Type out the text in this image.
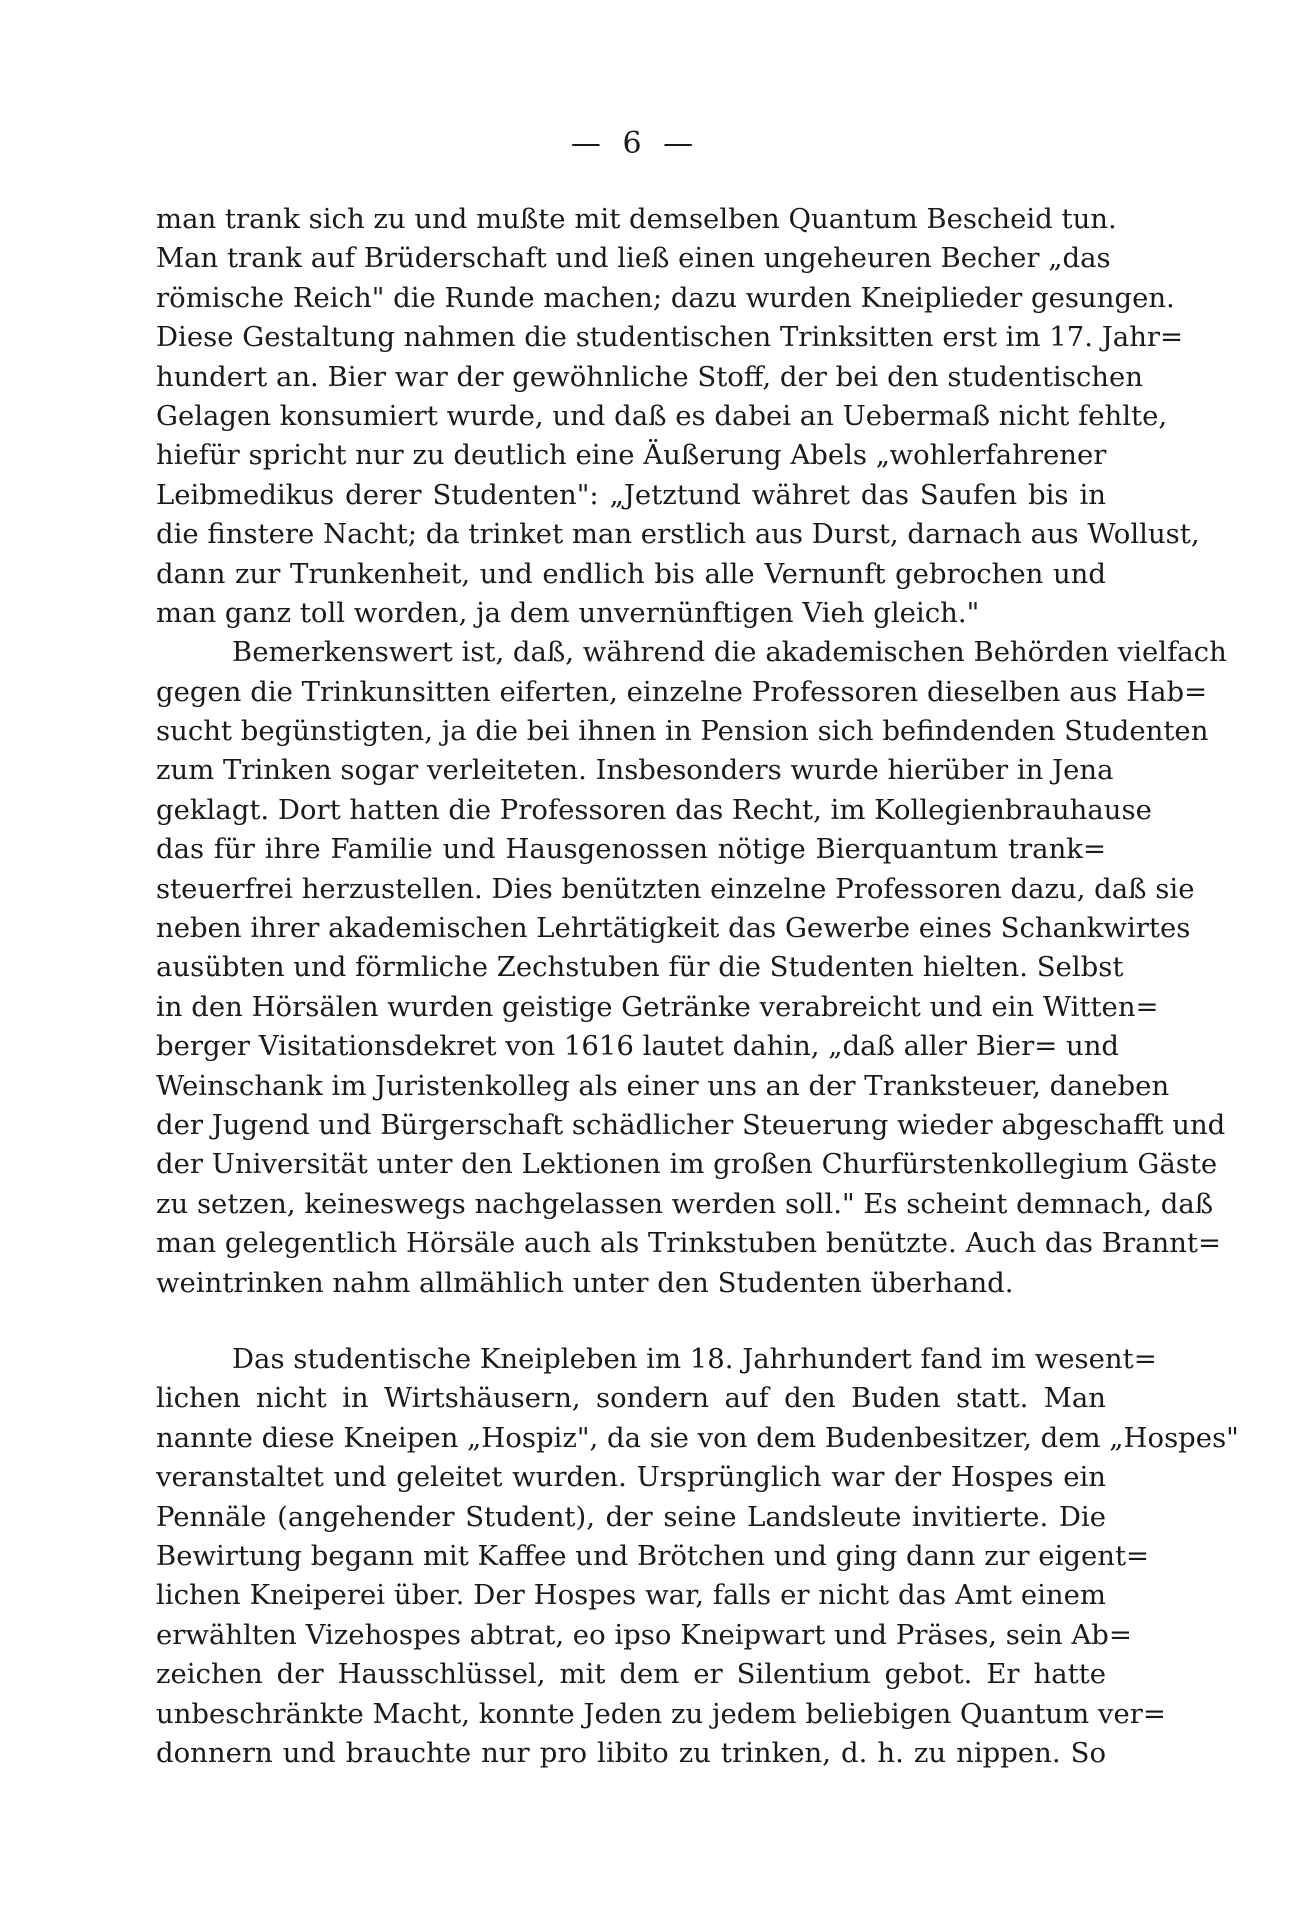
— 6 —
man trank sich zu und mußte mit demselben Quantum Bescheid tun.
Man trank auf Brüderschaft und ließ einen ungeheuren Becher „das
römische Reich" die Runde machen; dazu wurden Kneiplieder gesungen.
Diese Gestaltung nahmen die studentischen Trinksitten erst im 17. Jahr=
hundert an. Bier war der gewöhnliche Stoff, der bei den studentischen
Gelagen konsumiert wurde, und daß es dabei an Uebermaß nicht fehlte,
hiefür spricht nur zu deutlich eine Äußerung Abels „wohlerfahrener
Leibmedikus derer Studenten": „Jetztund währet das Saufen bis in
die finstere Nacht; da trinket man erstlich aus Durst, darnach aus Wollust,
dann zur Trunkenheit, und endlich bis alle Vernunft gebrochen und
man ganz toll worden, ja dem unvernünftigen Vieh gleich."
Bemerkenswert ist, daß, während die akademischen Behörden vielfach
gegen die Trinkunsitten eiferten, einzelne Professoren dieselben aus Hab=
sucht begünstigten, ja die bei ihnen in Pension sich befindenden Studenten
zum Trinken sogar verleiteten. Insbesonders wurde hierüber in Jena
geklagt. Dort hatten die Professoren das Recht, im Kollegienbrauhause
das für ihre Familie und Hausgenossen nötige Bierquantum trank=
steuerfrei herzustellen. Dies benützten einzelne Professoren dazu, daß sie
neben ihrer akademischen Lehrtätigkeit das Gewerbe eines Schankwirtes
ausübten und förmliche Zechstuben für die Studenten hielten. Selbst
in den Hörsälen wurden geistige Getränke verabreicht und ein Witten=
berger Visitationsdekret von 1616 lautet dahin, „daß aller Bier= und
Weinschank im Juristenkolleg als einer uns an der Tranksteuer, daneben
der Jugend und Bürgerschaft schädlicher Steuerung wieder abgeschafft und
der Universität unter den Lektionen im großen Churfürstenkollegium Gäste
zu setzen, keineswegs nachgelassen werden soll." Es scheint demnach, daß
man gelegentlich Hörsäle auch als Trinkstuben benützte. Auch das Brannt=
weintrinken nahm allmählich unter den Studenten überhand.
Das studentische Kneipleben im 18. Jahrhundert fand im wesent=
lichen nicht in Wirtshäusern, sondern auf den Buden statt. Man
nannte diese Kneipen „Hospiz", da sie von dem Budenbesitzer, dem „Hospes"
veranstaltet und geleitet wurden. Ursprünglich war der Hospes ein
Pennäle (angehender Student), der seine Landsleute invitierte. Die
Bewirtung begann mit Kaffee und Brötchen und ging dann zur eigent=
lichen Kneiperei über. Der Hospes war, falls er nicht das Amt einem
erwählten Vizehospes abtrat, eo ipso Kneipwart und Präses, sein Ab=
zeichen der Hausschlüssel, mit dem er Silentium gebot. Er hatte
unbeschränkte Macht, konnte Jeden zu jedem beliebigen Quantum ver=
donnern und brauchte nur pro libito zu trinken, d. h. zu nippen. So
